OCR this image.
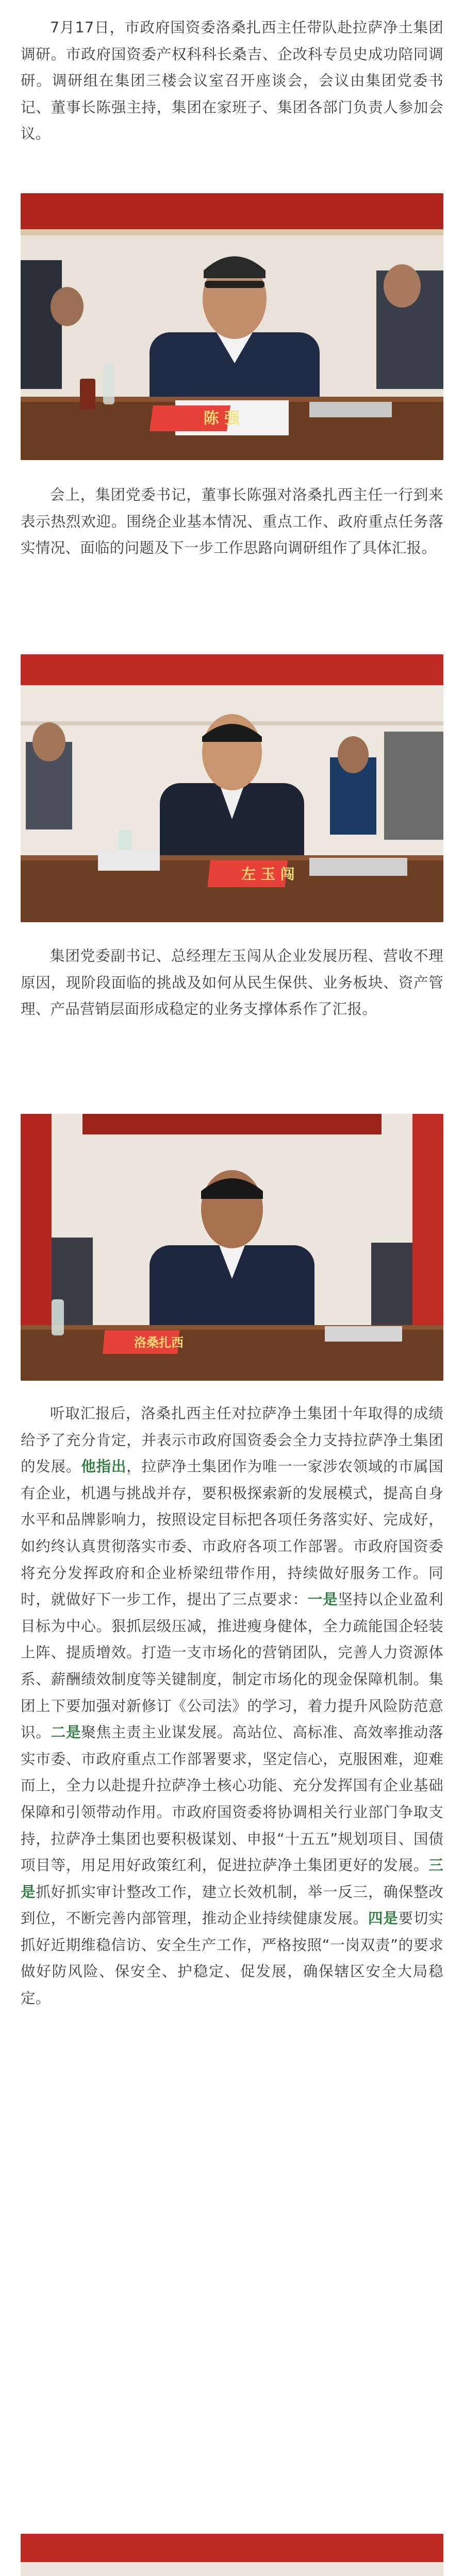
7月17日，市政府国资委洛桑扎西主任带队赴拉萨净土集团调研。市政府国资委产权科科长桑吉、企改科专员史成功陪同调研。调研组在集团三楼会议室召开座谈会，会议由集团党委书记、董事长陈强主持，集团在家班子、集团各部门负责人参加会议。

陈 强

会上，集团党委书记，董事长陈强对洛桑扎西主任一行到来表示热烈欢迎。围绕企业基本情况、重点工作、政府重点任务落实情况、面临的问题及下一步工作思路向调研组作了具体汇报。

左 玉 闯

集团党委副书记、总经理左玉闯从企业发展历程、营收不理原因，现阶段面临的挑战及如何从民生保供、业务板块、资产管理、产品营销层面形成稳定的业务支撑体系作了汇报。

洛桑扎西

听取汇报后，洛桑扎西主任对拉萨净土集团十年取得的成绩给予了充分肯定，并表示市政府国资委会全力支持拉萨净土集团的发展。他指出，拉萨净土集团作为唯一一家涉农领域的市属国有企业，机遇与挑战并存，要积极探索新的发展模式，提高自身水平和品牌影响力，按照设定目标把各项任务落实好、完成好，如约终认真贯彻落实市委、市政府各项工作部署。市政府国资委将充分发挥政府和企业桥梁纽带作用，持续做好服务工作。同时，就做好下一步工作，提出了三点要求：一是坚持以企业盈利目标为中心。狠抓层级压减，推进瘦身健体，全力疏能国企轻装上阵、提质增效。打造一支市场化的营销团队，完善人力资源体系、薪酬绩效制度等关键制度，制定市场化的现金保障机制。集团上下要加强对新修订《公司法》的学习，着力提升风险防范意识。二是聚焦主责主业谋发展。高站位、高标准、高效率推动落实市委、市政府重点工作部署要求，坚定信心，克服困难，迎难而上，全力以赴提升拉萨净土核心功能、充分发挥国有企业基础保障和引领带动作用。市政府国资委将协调相关行业部门争取支持，拉萨净土集团也要积极谋划、申报“十五五”规划项目、国债项目等，用足用好政策红利，促进拉萨净土集团更好的发展。三是抓好抓实审计整改工作，建立长效机制，举一反三，确保整改到位，不断完善内部管理，推动企业持续健康发展。四是要切实抓好近期维稳信访、安全生产工作，严格按照“一岗双责”的要求做好防风险、保安全、护稳定、促发展，确保辖区安全大局稳定。
